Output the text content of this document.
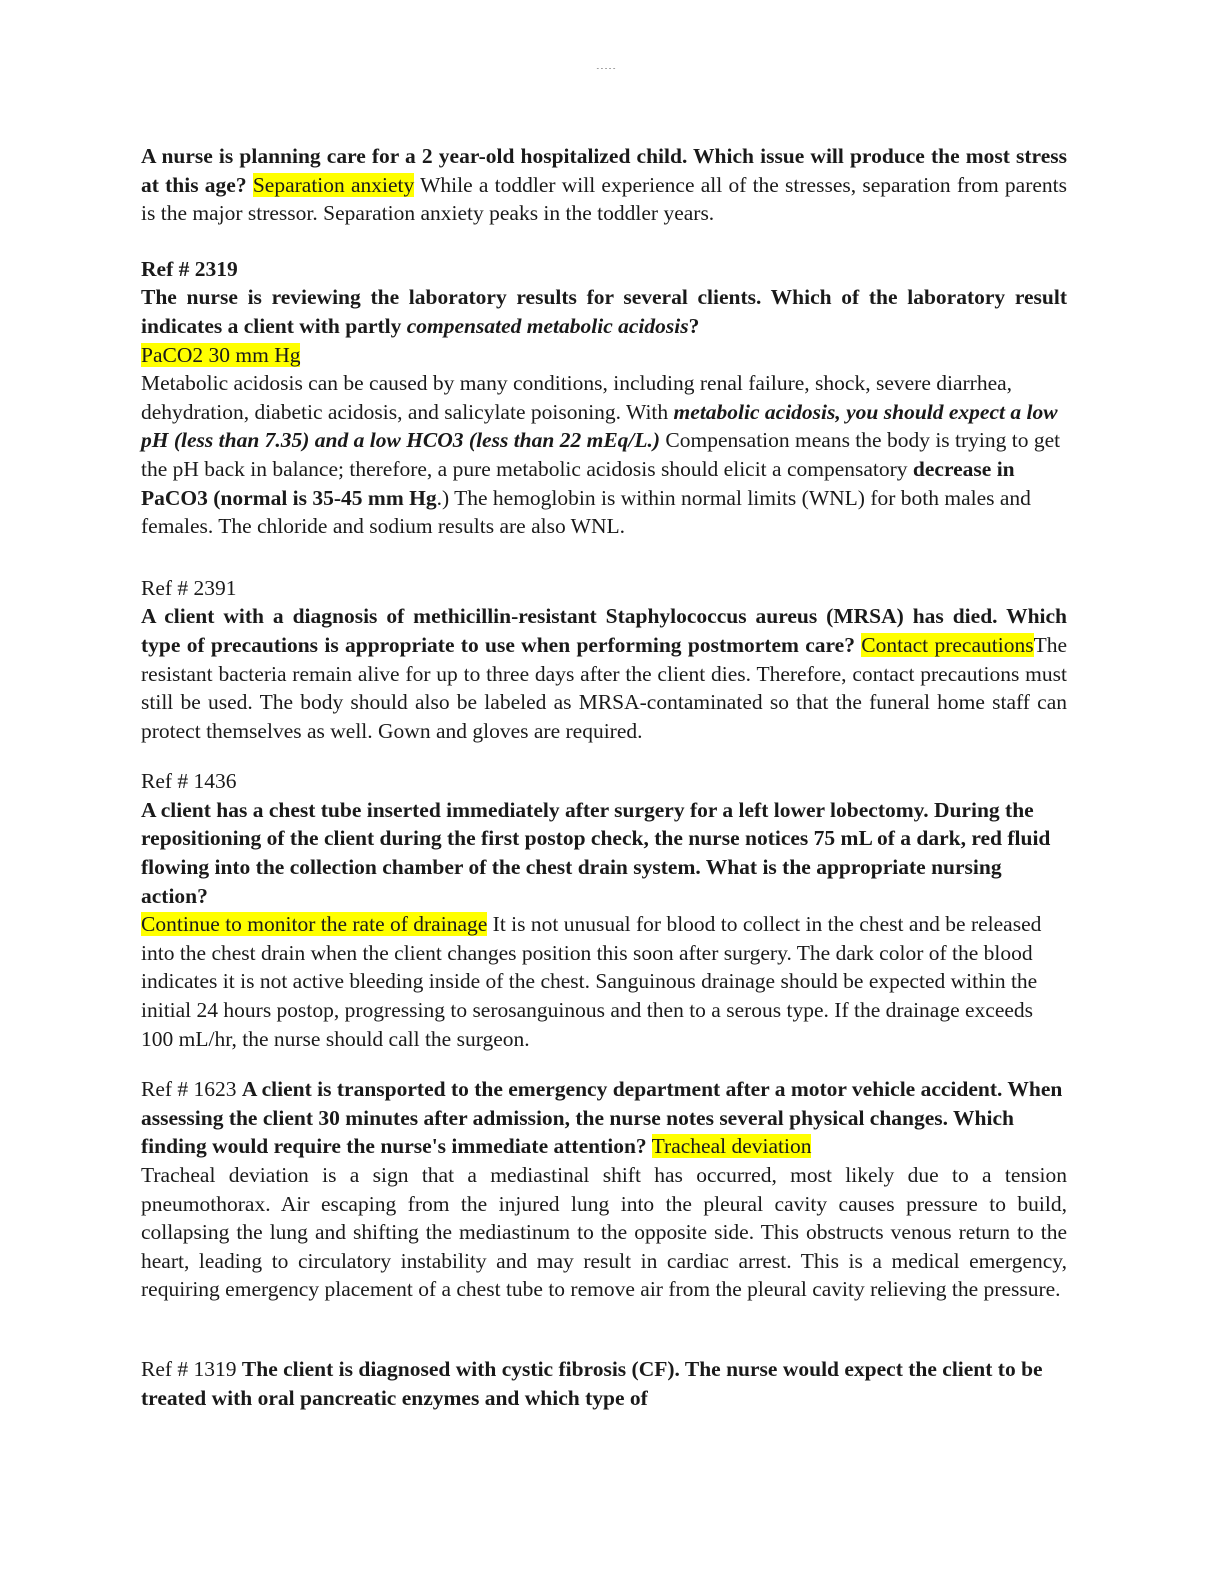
- - - - -

A nurse is planning care for a 2 year-old hospitalized child. Which issue will produce the most stress at this age? Separation anxiety While a toddler will experience all of the stresses, separation from parents is the major stressor. Separation anxiety peaks in the toddler years.

Ref # 2319

The nurse is reviewing the laboratory results for several clients. Which of the laboratory result indicates a client with partly compensated metabolic acidosis?

PaCO2 30 mm Hg

Metabolic acidosis can be caused by many conditions, including renal failure, shock, severe diarrhea, dehydration, diabetic acidosis, and salicylate poisoning. With metabolic acidosis, you should expect a low pH (less than 7.35) and a low HCO3 (less than 22 mEq/L.) Compensation means the body is trying to get the pH back in balance; therefore, a pure metabolic acidosis should elicit a compensatory decrease in PaCO3 (normal is 35-45 mm Hg.) The hemoglobin is within normal limits (WNL) for both males and females. The chloride and sodium results are also WNL.

Ref # 2391

A client with a diagnosis of methicillin-resistant Staphylococcus aureus (MRSA) has died. Which type of precautions is appropriate to use when performing postmortem care? Contact precautionsThe resistant bacteria remain alive for up to three days after the client dies. Therefore, contact precautions must still be used. The body should also be labeled as MRSA-contaminated so that the funeral home staff can protect themselves as well. Gown and gloves are required.

Ref # 1436

A client has a chest tube inserted immediately after surgery for a left lower lobectomy. During the repositioning of the client during the first postop check, the nurse notices 75 mL of a dark, red fluid flowing into the collection chamber of the chest drain system. What is the appropriate nursing action?

Continue to monitor the rate of drainage It is not unusual for blood to collect in the chest and be released into the chest drain when the client changes position this soon after surgery. The dark color of the blood indicates it is not active bleeding inside of the chest. Sanguinous drainage should be expected within the initial 24 hours postop, progressing to serosanguinous and then to a serous type. If the drainage exceeds 100 mL/hr, the nurse should call the surgeon.

Ref # 1623 A client is transported to the emergency department after a motor vehicle accident. When assessing the client 30 minutes after admission, the nurse notes several physical changes. Which finding would require the nurse's immediate attention? Tracheal deviation

Tracheal deviation is a sign that a mediastinal shift has occurred, most likely due to a tension pneumothorax. Air escaping from the injured lung into the pleural cavity causes pressure to build, collapsing the lung and shifting the mediastinum to the opposite side. This obstructs venous return to the heart, leading to circulatory instability and may result in cardiac arrest. This is a medical emergency, requiring emergency placement of a chest tube to remove air from the pleural cavity relieving the pressure.

Ref # 1319 The client is diagnosed with cystic fibrosis (CF). The nurse would expect the client to be treated with oral pancreatic enzymes and which type of
